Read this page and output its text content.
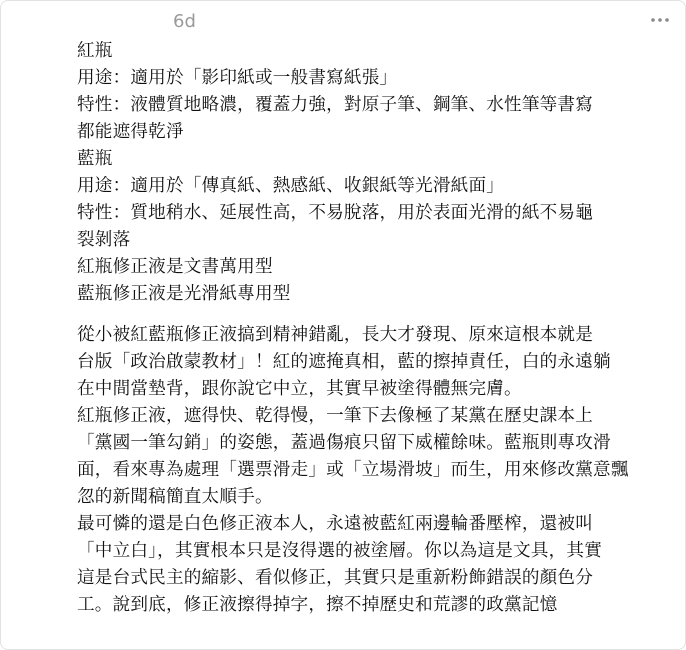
6d
紅瓶
用途：適用於「影印紙或一般書寫紙張」
特性：液體質地略濃，覆蓋力強，對原子筆、鋼筆、水性筆等書寫
都能遮得乾淨
藍瓶
用途：適用於「傳真紙、熱感紙、收銀紙等光滑紙面」
特性：質地稍水、延展性高，不易脫落，用於表面光滑的紙不易龜
裂剝落
紅瓶修正液是文書萬用型
藍瓶修正液是光滑紙專用型
從小被紅藍瓶修正液搞到精神錯亂，長大才發現、原來這根本就是
台版「政治啟蒙教材」！紅的遮掩真相，藍的擦掉責任，白的永遠躺
在中間當墊背，跟你說它中立，其實早被塗得體無完膚。
紅瓶修正液，遮得快、乾得慢，一筆下去像極了某黨在歷史課本上
「黨國一筆勾銷」的姿態，蓋過傷痕只留下威權餘味。藍瓶則專攻滑
面，看來專為處理「選票滑走」或「立場滑坡」而生，用來修改黨意飄
忽的新聞稿簡直太順手。
最可憐的還是白色修正液本人，永遠被藍紅兩邊輪番壓榨，還被叫
「中立白」，其實根本只是沒得選的被塗層。你以為這是文具，其實
這是台式民主的縮影、看似修正，其實只是重新粉飾錯誤的顏色分
工。說到底，修正液擦得掉字，擦不掉歷史和荒謬的政黨記憶
